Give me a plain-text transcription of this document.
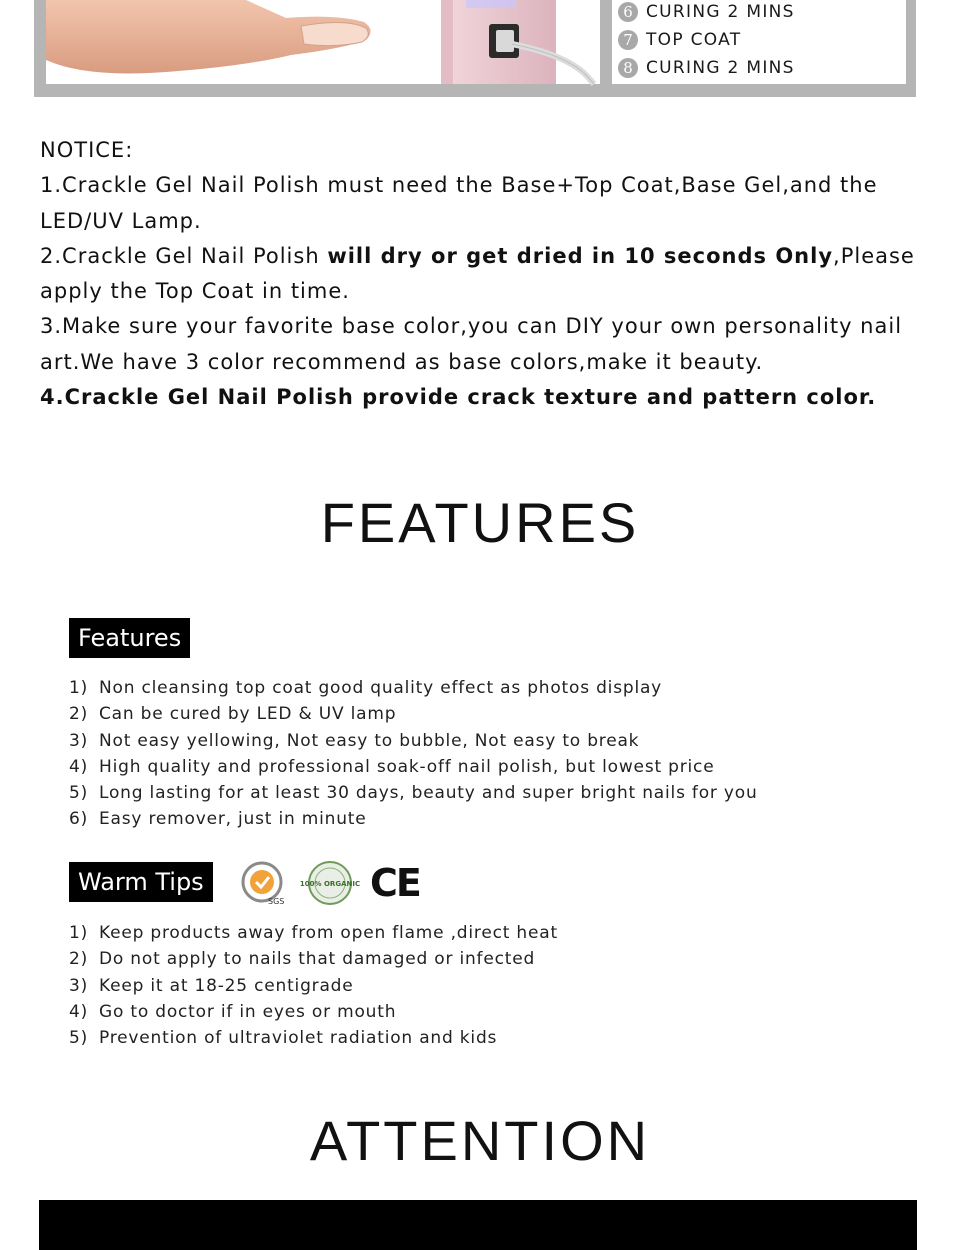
6 CURING 2 MINS
7 TOP COAT
8 CURING 2 MINS

NOTICE:

1.Crackle Gel Nail Polish must need the Base+Top Coat,Base Gel,and the LED/UV Lamp.

2.Crackle Gel Nail Polish will dry or get dried in 10 seconds Only,Please apply the Top Coat in time.

3.Make sure your favorite base color,you can DIY your own personality nail art.We have 3 color recommend as base colors,make it beauty.

4.Crackle Gel Nail Polish provide crack texture and pattern color.

FEATURES
Features
1) Non cleansing top coat good quality effect as photos display
2) Can be cured by LED & UV lamp
3) Not easy yellowing, Not easy to bubble, Not easy to break
4) High quality and professional soak-off nail polish, but lowest price
5) Long lasting for at least 30 days, beauty and super bright nails for you
6) Easy remover, just in minute
Warm Tips
SGS
100% ORGANIC CE
1) Keep products away from open flame ,direct heat
2) Do not apply to nails that damaged or infected
3) Keep it at 18-25 centigrade
4) Go to doctor if in eyes or mouth
5) Prevention of ultraviolet radiation and kids
ATTENTION
